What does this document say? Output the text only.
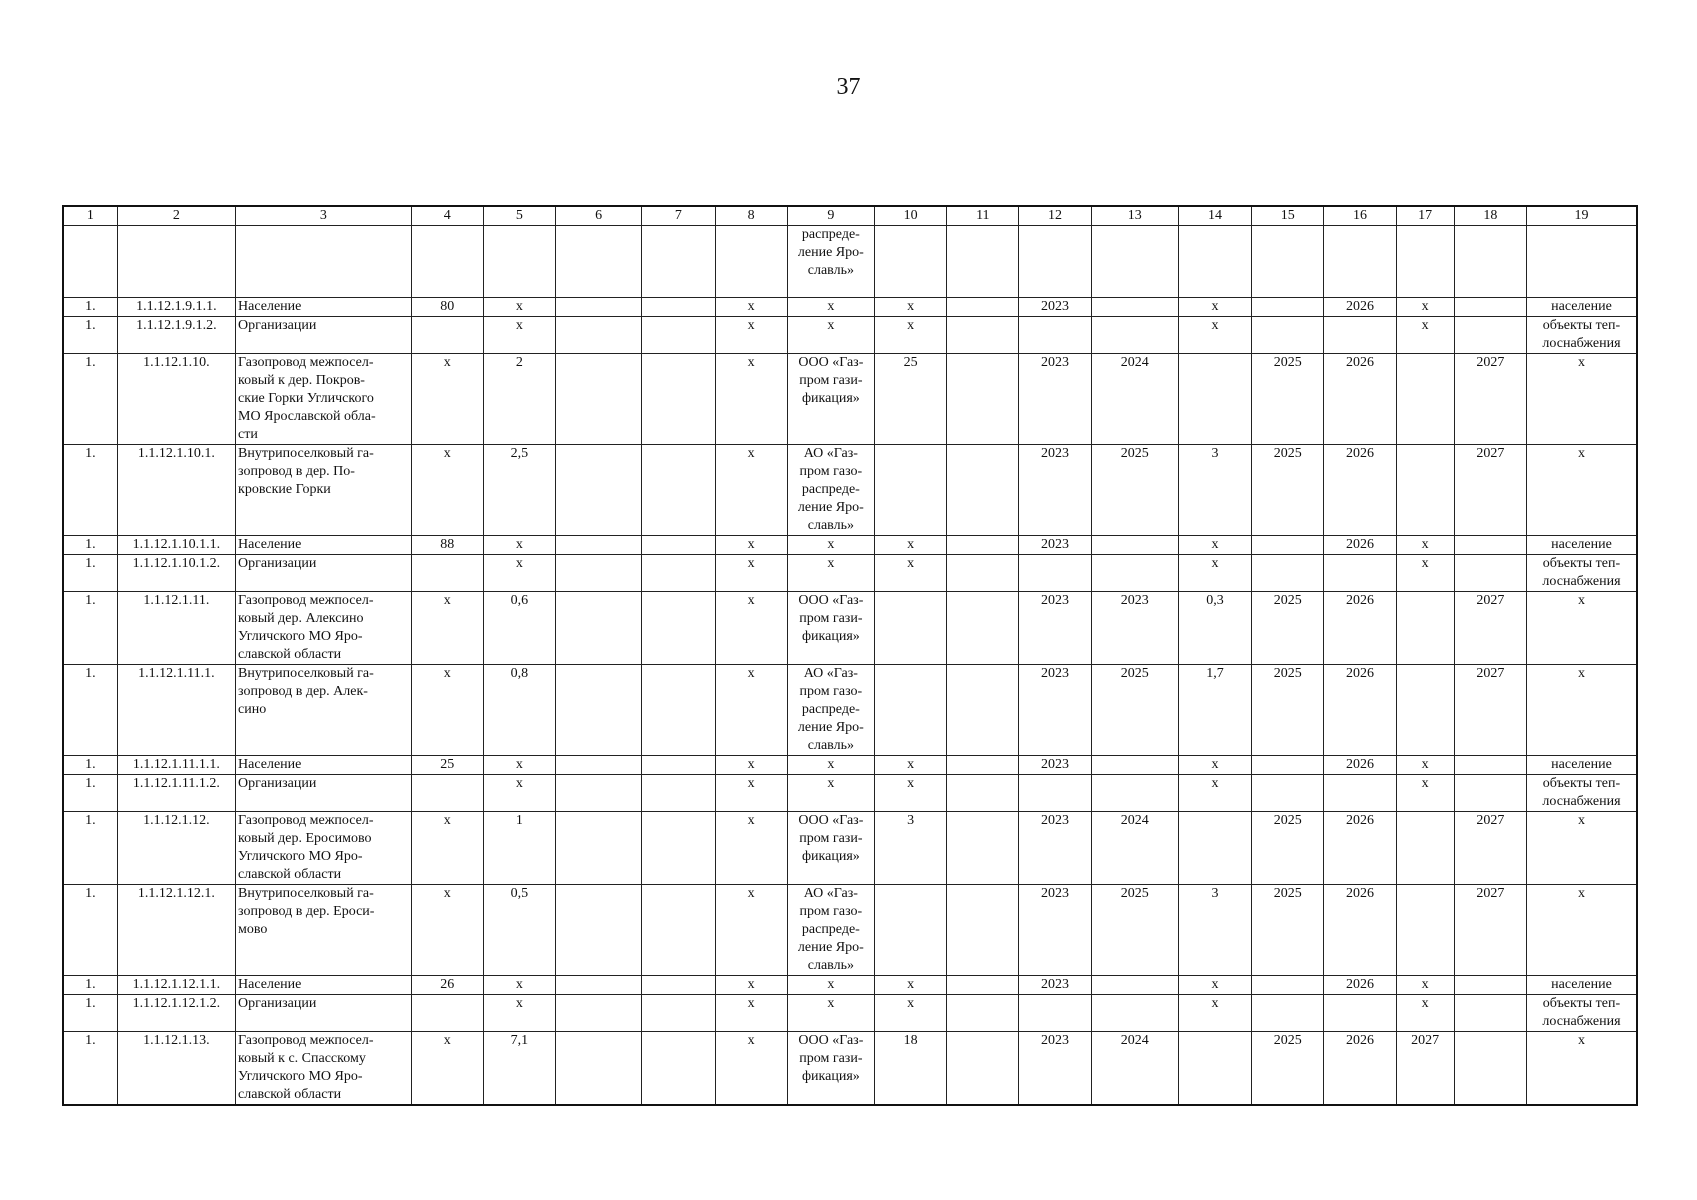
37
1	2	3	4	5	6	7	8	9	10	11	12	13	14	15	16	17	18	19
								распреде-
ление Яро-
славль»										
1.	1.1.12.1.9.1.1.	Население	80	х			х	х	х		2023		х		2026	х		население
1.	1.1.12.1.9.1.2.	Организации		х			х	х	х				х			х		объекты теп-
лоснабжения
1.	1.1.12.1.10.	Газопровод межпосел-
ковый к дер. Покров-
ские Горки Угличского
МО Ярославской обла-
сти	х	2			х	ООО «Газ-
пром гази-
фикация»	25		2023	2024		2025	2026		2027	х
1.	1.1.12.1.10.1.	Внутрипоселковый га-
зопровод в дер. По-
кровские Горки	х	2,5			х	АО «Газ-
пром газо-
распреде-
ление Яро-
славль»			2023	2025	3	2025	2026		2027	х
1.	1.1.12.1.10.1.1.	Население	88	х			х	х	х		2023		х		2026	х		население
1.	1.1.12.1.10.1.2.	Организации		х			х	х	х				х			х		объекты теп-
лоснабжения
1.	1.1.12.1.11.	Газопровод межпосел-
ковый дер. Алексино
Угличского МО Яро-
славской области	х	0,6			х	ООО «Газ-
пром гази-
фикация»			2023	2023	0,3	2025	2026		2027	х
1.	1.1.12.1.11.1.	Внутрипоселковый га-
зопровод в дер. Алек-
сино	х	0,8			х	АО «Газ-
пром газо-
распреде-
ление Яро-
славль»			2023	2025	1,7	2025	2026		2027	х
1.	1.1.12.1.11.1.1.	Население	25	х			х	х	х		2023		х		2026	х		население
1.	1.1.12.1.11.1.2.	Организации		х			х	х	х				х			х		объекты теп-
лоснабжения
1.	1.1.12.1.12.	Газопровод межпосел-
ковый дер. Еросимово
Угличского МО Яро-
славской области	х	1			х	ООО «Газ-
пром гази-
фикация»	3		2023	2024		2025	2026		2027	х
1.	1.1.12.1.12.1.	Внутрипоселковый га-
зопровод в дер. Ероси-
мово	х	0,5			х	АО «Газ-
пром газо-
распреде-
ление Яро-
славль»			2023	2025	3	2025	2026		2027	х
1.	1.1.12.1.12.1.1.	Население	26	х			х	х	х		2023		х		2026	х		население
1.	1.1.12.1.12.1.2.	Организации		х			х	х	х				х			х		объекты теп-
лоснабжения
1.	1.1.12.1.13.	Газопровод межпосел-
ковый к с. Спасскому
Угличского МО Яро-
славской области	х	7,1			х	ООО «Газ-
пром гази-
фикация»	18		2023	2024		2025	2026	2027		х
